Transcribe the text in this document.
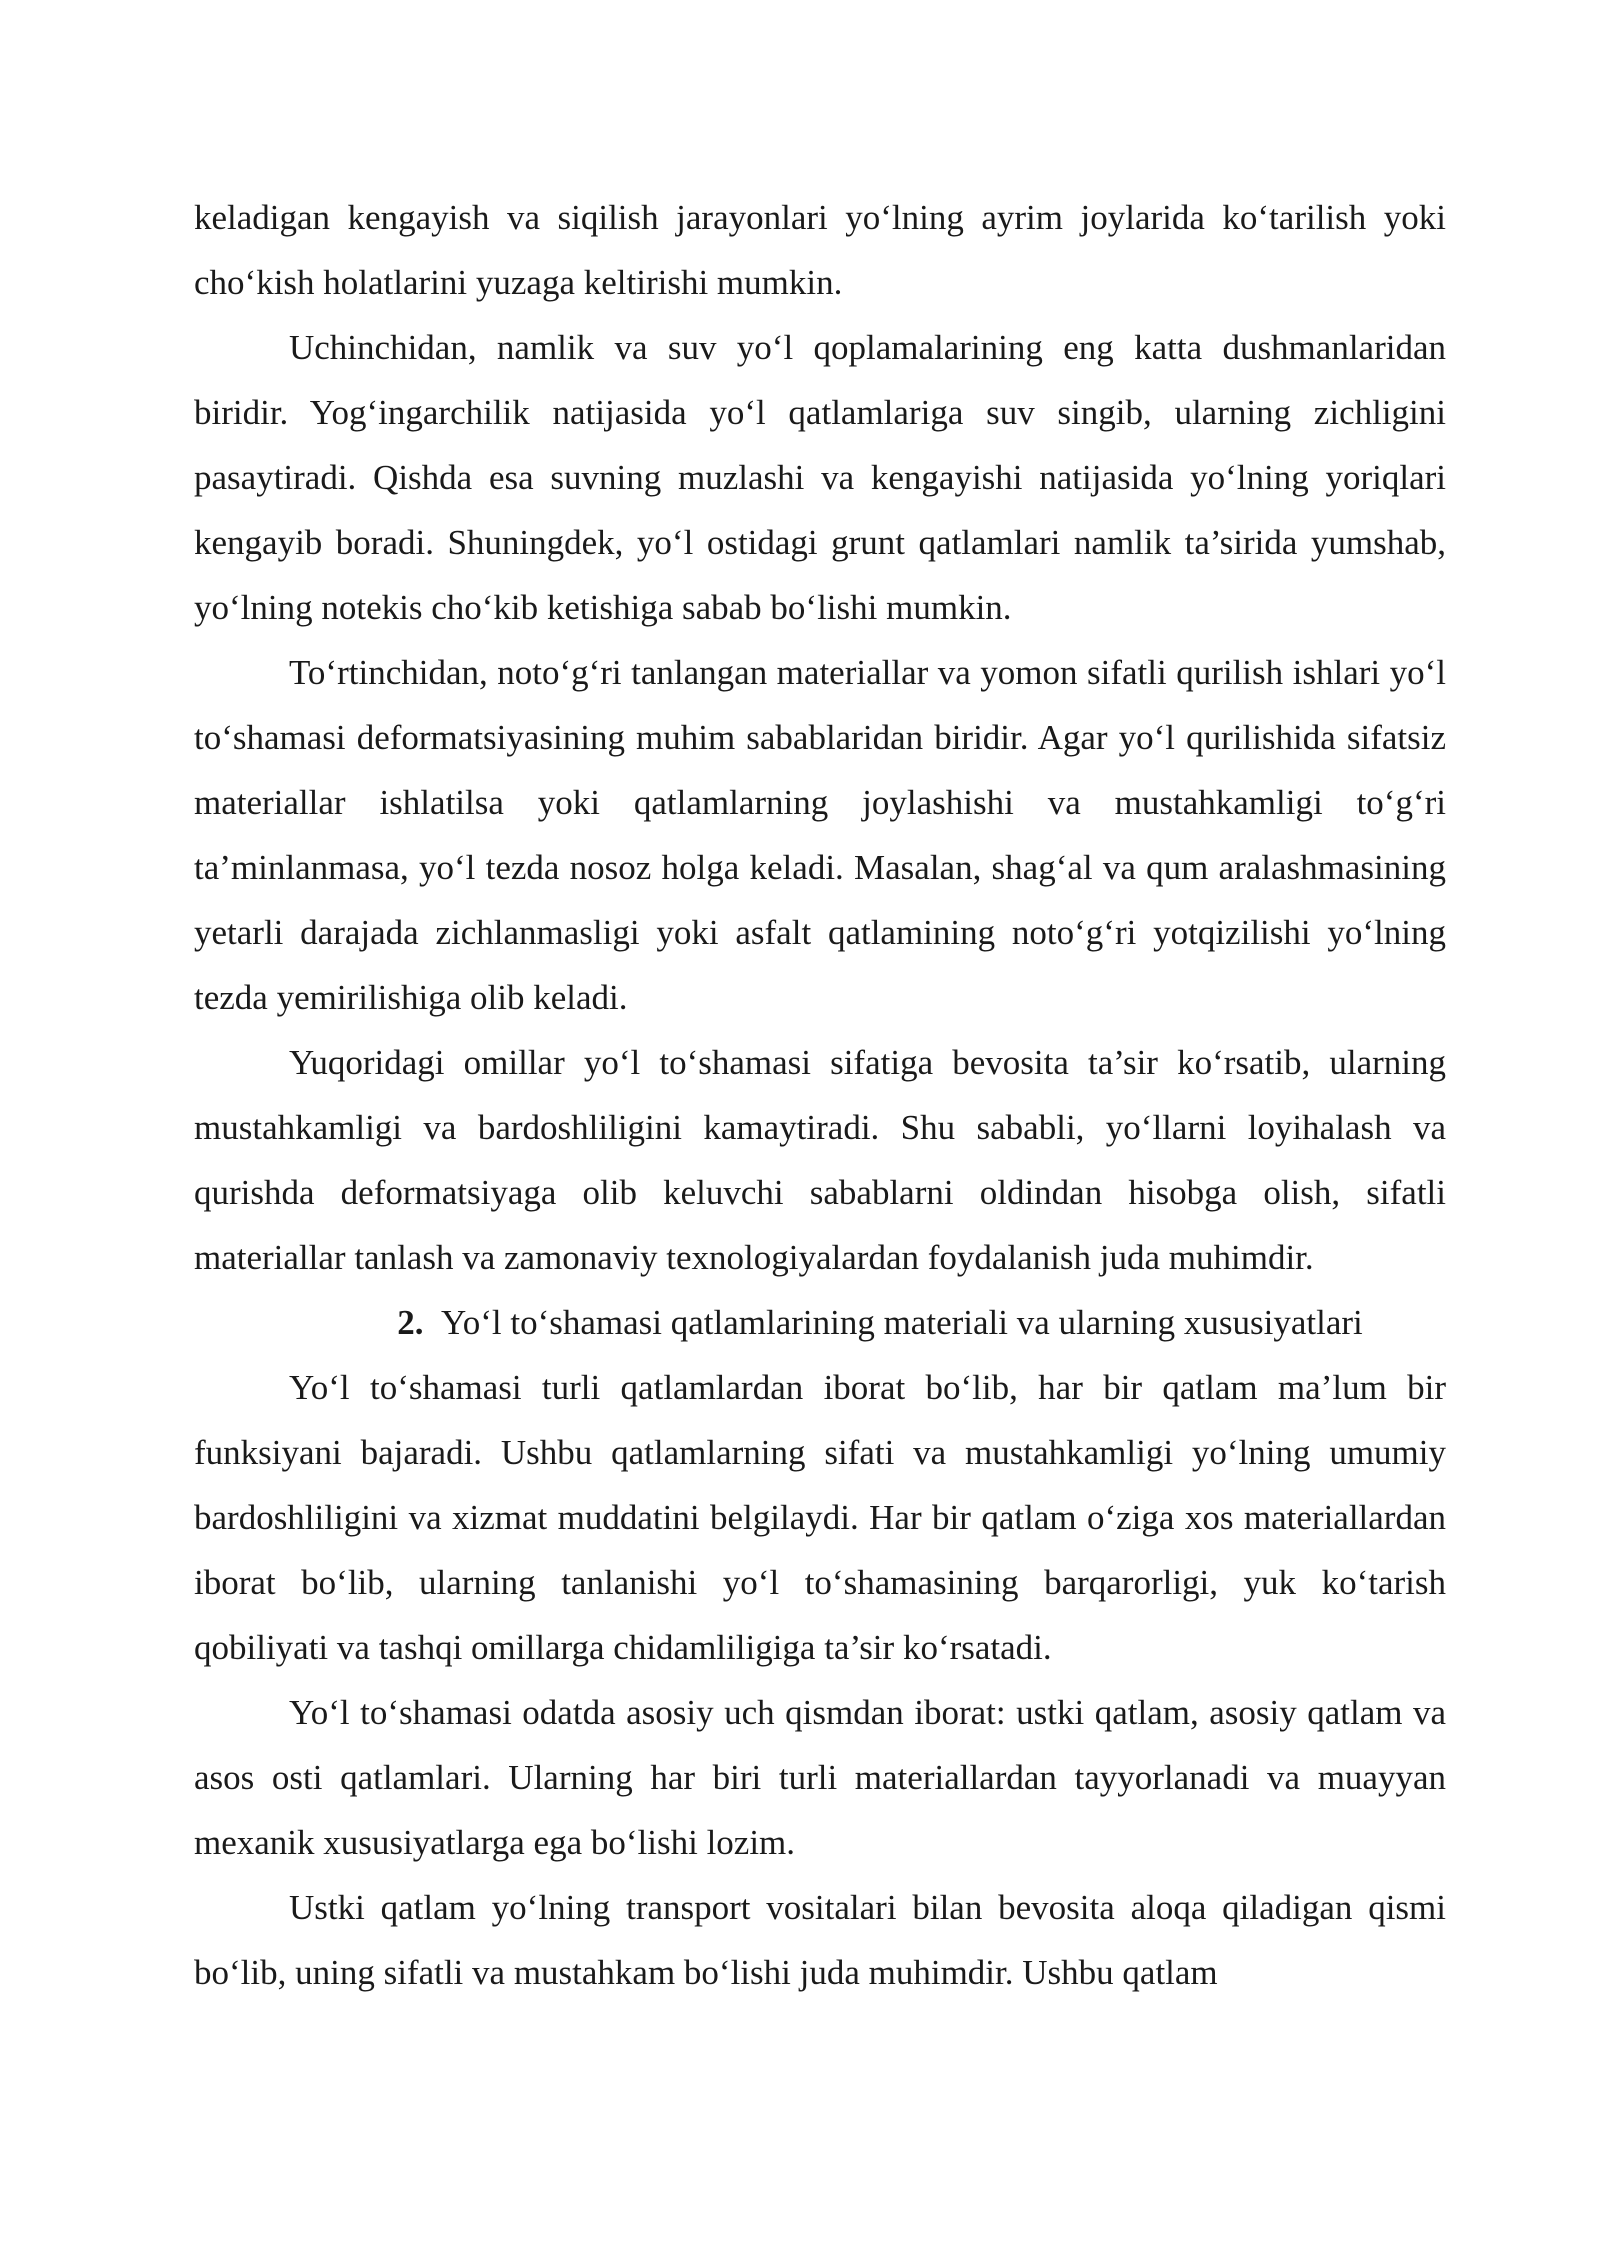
keladigan kengayish va siqilish jarayonlari yo‘lning ayrim joylarida ko‘tarilish yoki cho‘kish holatlarini yuzaga keltirishi mumkin.

Uchinchidan, namlik va suv yo‘l qoplamalarining eng katta dushmanlaridan biridir. Yog‘ingarchilik natijasida yo‘l qatlamlariga suv singib, ularning zichligini pasaytiradi. Qishda esa suvning muzlashi va kengayishi natijasida yo‘lning yoriqlari kengayib boradi. Shuningdek, yo‘l ostidagi grunt qatlamlari namlik ta’sirida yumshab, yo‘lning notekis cho‘kib ketishiga sabab bo‘lishi mumkin.

To‘rtinchidan, noto‘g‘ri tanlangan materiallar va yomon sifatli qurilish ishlari yo‘l to‘shamasi deformatsiyasining muhim sabablaridan biridir. Agar yo‘l qurilishida sifatsiz materiallar ishlatilsa yoki qatlamlarning joylashishi va mustahkamligi to‘g‘ri ta’minlanmasa, yo‘l tezda nosoz holga keladi. Masalan, shag‘al va qum aralashmasining yetarli darajada zichlanmasligi yoki asfalt qatlamining noto‘g‘ri yotqizilishi yo‘lning tezda yemirilishiga olib keladi.

Yuqoridagi omillar yo‘l to‘shamasi sifatiga bevosita ta’sir ko‘rsatib, ularning mustahkamligi va bardoshliligini kamaytiradi. Shu sababli, yo‘llarni loyihalash va qurishda deformatsiyaga olib keluvchi sabablarni oldindan hisobga olish, sifatli materiallar tanlash va zamonaviy texnologiyalardan foydalanish juda muhimdir.

2. Yo‘l to‘shamasi qatlamlarining materiali va ularning xususiyatlari

Yo‘l to‘shamasi turli qatlamlardan iborat bo‘lib, har bir qatlam ma’lum bir funksiyani bajaradi. Ushbu qatlamlarning sifati va mustahkamligi yo‘lning umumiy bardoshliligini va xizmat muddatini belgilaydi. Har bir qatlam o‘ziga xos materiallardan iborat bo‘lib, ularning tanlanishi yo‘l to‘shamasining barqarorligi, yuk ko‘tarish qobiliyati va tashqi omillarga chidamliligiga ta’sir ko‘rsatadi.

Yo‘l to‘shamasi odatda asosiy uch qismdan iborat: ustki qatlam, asosiy qatlam va asos osti qatlamlari. Ularning har biri turli materiallardan tayyorlanadi va muayyan mexanik xususiyatlarga ega bo‘lishi lozim.

Ustki qatlam yo‘lning transport vositalari bilan bevosita aloqa qiladigan qismi bo‘lib, uning sifatli va mustahkam bo‘lishi juda muhimdir. Ushbu qatlam
